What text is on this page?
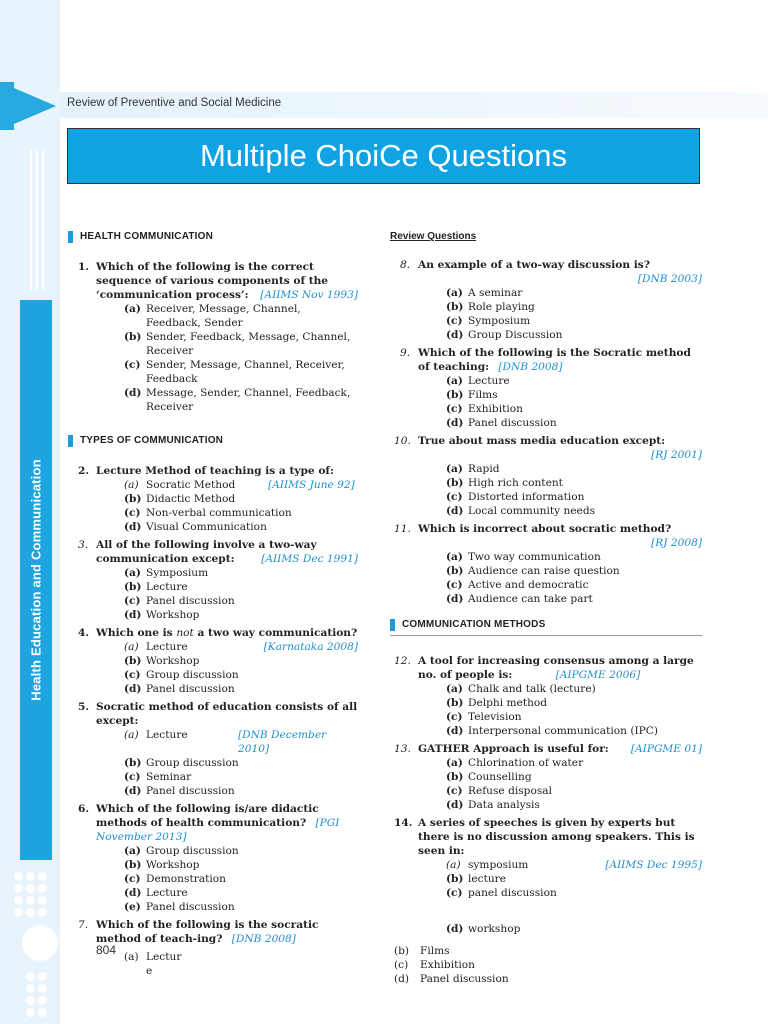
Health Education and Communication
Review of Preventive and Social Medicine
Multiple ChoiCe Questions
HEALTH COMMUNICATION
1. Which of the following is the correct sequence of various components of the ‘communication process’: [AIIMS Nov 1993]
(a) Receiver, Message, Channel, Feedback, Sender
(b) Sender, Feedback, Message, Channel, Receiver
(c) Sender, Message, Channel, Receiver, Feedback
(d) Message, Sender, Channel, Feedback, Receiver
TYPES OF COMMUNICATION
2. Lecture Method of teaching is a type of:
(a) Socratic Method	[AIIMS June 92]
(b) Didactic Method
(c) Non-verbal communication
(d) Visual Communication
3. All of the following involve a two-way communication except:	[AIIMS Dec 1991]
(a) Symposium
(b) Lecture
(c) Panel discussion
(d) Workshop
4. Which one is not a two way communication?
(a) Lecture	[Karnataka 2008]
(b) Workshop
(c) Group discussion
(d) Panel discussion
5. Socratic method of education consists of all except:
(a) Lecture	[DNB December 2010]
(b) Group discussion
(c) Seminar
(d) Panel discussion
6. Which of the following is/are didactic methods of health communication? [PGI November 2013]
(a) Group discussion
(b) Workshop
(c) Demonstration
(d) Lecture
(e) Panel discussion
7. Which of the following is the socratic method of teach-ing? [DNB 2008]
(a) Lectur e
804
Review Questions
8. An example of a two-way discussion is?
[DNB 2003]
(a) A seminar
(b) Role playing
(c) Symposium
(d) Group Discussion
9. Which of the following is the Socratic method of teaching: [DNB 2008]
(a) Lecture
(b) Films
(c) Exhibition
(d) Panel discussion
10. True about mass media education except:
[RJ 2001]
(a) Rapid
(b) High rich content
(c) Distorted information
(d) Local community needs
11. Which is incorrect about socratic method?
[RJ 2008]
(a) Two way communication
(b) Audience can raise question
(c) Active and democratic
(d) Audience can take part
COMMUNICATION METHODS
12. A tool for increasing consensus among a large no. of people is:	[AIPGME 2006]
(a) Chalk and talk (lecture)
(b) Delphi method
(c) Television
(d) Interpersonal communication (IPC)
13. GATHER Approach is useful for: [AIPGME 01]
(a) Chlorination of water
(b) Counselling
(c) Refuse disposal
(d) Data analysis
14. A series of speeches is given by experts but there is no discussion among speakers. This is seen in:
(a) symposium	[AIIMS Dec 1995]
(b) lecture
(c) panel discussion
(d) workshop
(b) Films
(c) Exhibition
(d) Panel discussion
